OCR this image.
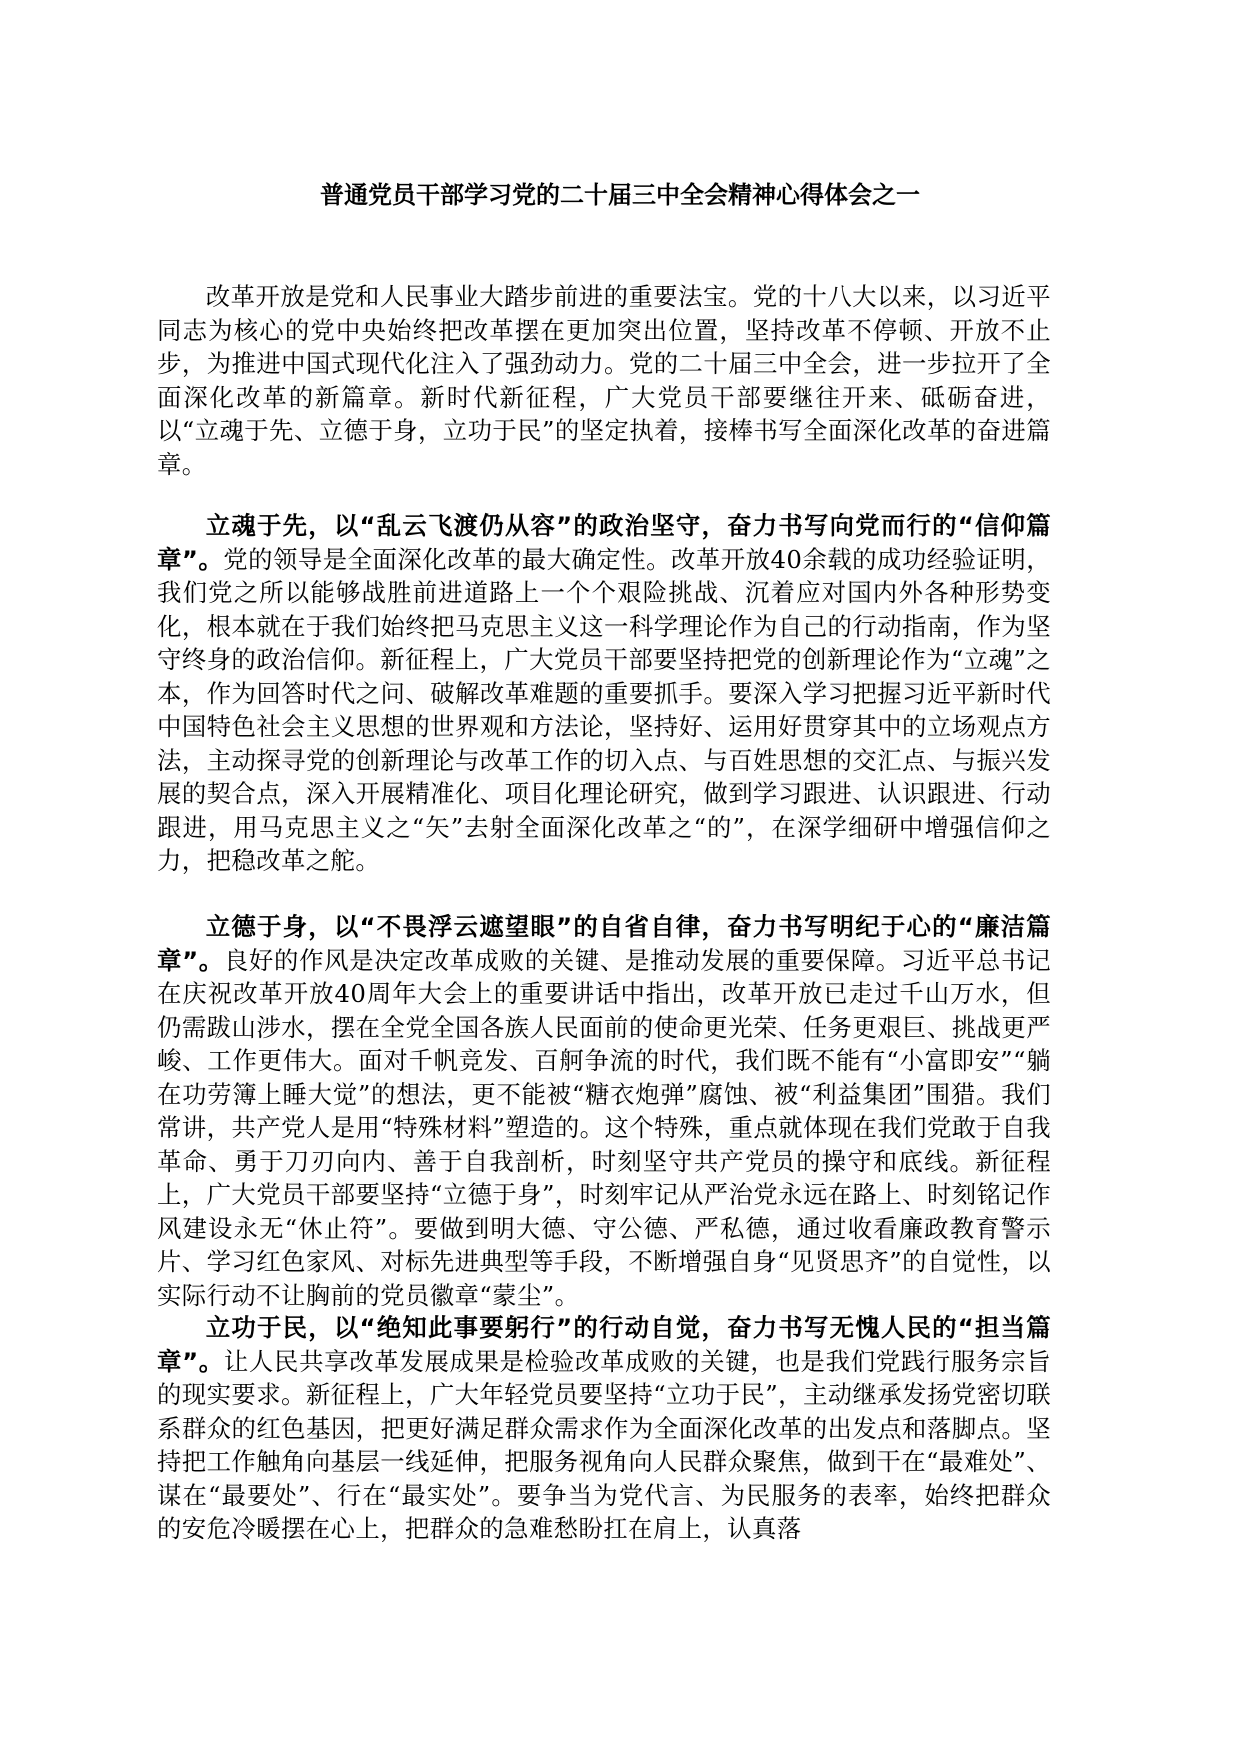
普通党员干部学习党的二十届三中全会精神心得体会之一

改革开放是党和人民事业大踏步前进的重要法宝。党的十八大以来，以习近平同志为核心的党中央始终把改革摆在更加突出位置，坚持改革不停顿、开放不止步，为推进中国式现代化注入了强劲动力。党的二十届三中全会，进一步拉开了全面深化改革的新篇章。新时代新征程，广大党员干部要继往开来、砥砺奋进，以“立魂于先、立德于身，立功于民”的坚定执着，接棒书写全面深化改革的奋进篇章。

立魂于先，以“乱云飞渡仍从容”的政治坚守，奋力书写向党而行的“信仰篇章”。党的领导是全面深化改革的最大确定性。改革开放40余载的成功经验证明，我们党之所以能够战胜前进道路上一个个艰险挑战、沉着应对国内外各种形势变化，根本就在于我们始终把马克思主义这一科学理论作为自己的行动指南，作为坚守终身的政治信仰。新征程上，广大党员干部要坚持把党的创新理论作为“立魂”之本，作为回答时代之问、破解改革难题的重要抓手。要深入学习把握习近平新时代中国特色社会主义思想的世界观和方法论，坚持好、运用好贯穿其中的立场观点方法，主动探寻党的创新理论与改革工作的切入点、与百姓思想的交汇点、与振兴发展的契合点，深入开展精准化、项目化理论研究，做到学习跟进、认识跟进、行动跟进，用马克思主义之“矢”去射全面深化改革之“的”，在深学细研中增强信仰之力，把稳改革之舵。

立德于身，以“不畏浮云遮望眼”的自省自律，奋力书写明纪于心的“廉洁篇章”。良好的作风是决定改革成败的关键、是推动发展的重要保障。习近平总书记在庆祝改革开放40周年大会上的重要讲话中指出，改革开放已走过千山万水，但仍需跋山涉水，摆在全党全国各族人民面前的使命更光荣、任务更艰巨、挑战更严峻、工作更伟大。面对千帆竞发、百舸争流的时代，我们既不能有“小富即安”“躺在功劳簿上睡大觉”的想法，更不能被“糖衣炮弹”腐蚀、被“利益集团”围猎。我们常讲，共产党人是用“特殊材料”塑造的。这个特殊，重点就体现在我们党敢于自我革命、勇于刀刃向内、善于自我剖析，时刻坚守共产党员的操守和底线。新征程上，广大党员干部要坚持“立德于身”，时刻牢记从严治党永远在路上、时刻铭记作风建设永无“休止符”。要做到明大德、守公德、严私德，通过收看廉政教育警示片、学习红色家风、对标先进典型等手段，不断增强自身“见贤思齐”的自觉性，以实际行动不让胸前的党员徽章“蒙尘”。

立功于民，以“绝知此事要躬行”的行动自觉，奋力书写无愧人民的“担当篇章”。让人民共享改革发展成果是检验改革成败的关键，也是我们党践行服务宗旨的现实要求。新征程上，广大年轻党员要坚持“立功于民”，主动继承发扬党密切联系群众的红色基因，把更好满足群众需求作为全面深化改革的出发点和落脚点。坚持把工作触角向基层一线延伸，把服务视角向人民群众聚焦，做到干在“最难处”、谋在“最要处”、行在“最实处”。要争当为党代言、为民服务的表率，始终把群众的安危冷暖摆在心上，把群众的急难愁盼扛在肩上，认真落
